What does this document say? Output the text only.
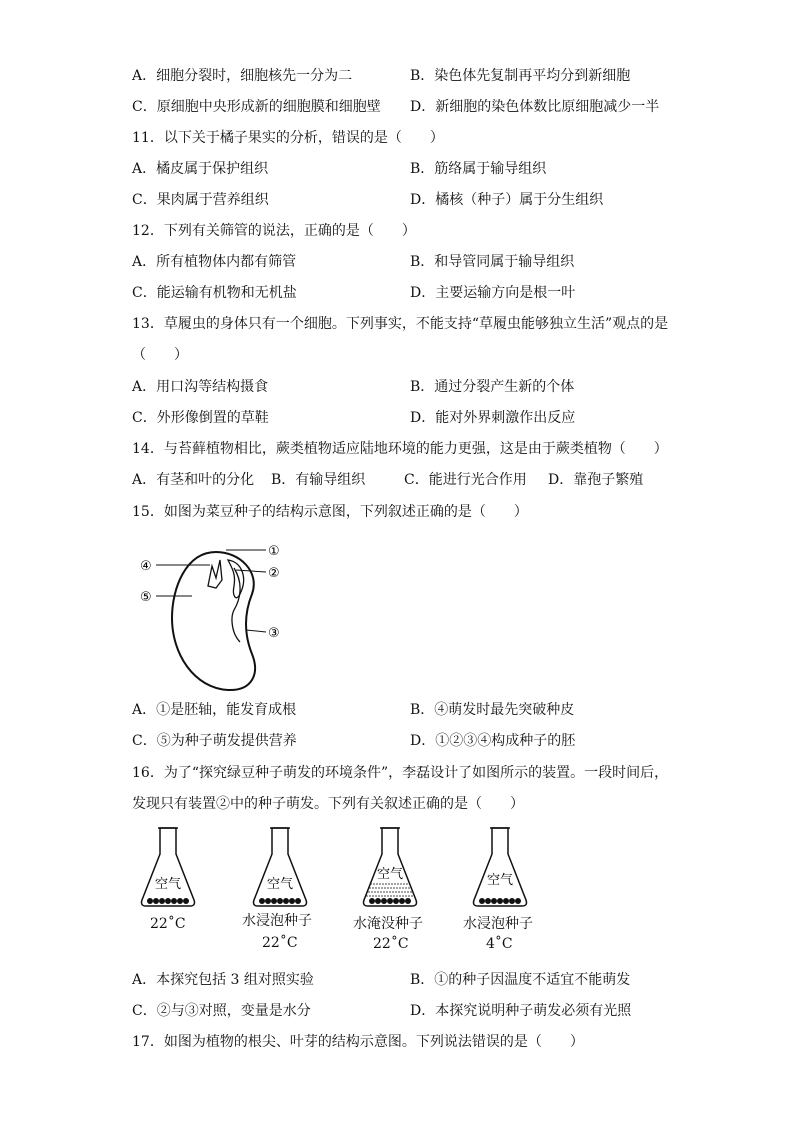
A．细胞分裂时，细胞核先一分为二	B．染色体先复制再平均分到新细胞
C．原细胞中央形成新的细胞膜和细胞壁 D．新细胞的染色体数比原细胞减少一半
11．以下关于橘子果实的分析，错误的是（　　）
A．橘皮属于保护组织	B．筋络属于输导组织
C．果肉属于营养组织	D．橘核（种子）属于分生组织
12．下列有关筛管的说法，正确的是（　　）
A．所有植物体内都有筛管	B．和导管同属于输导组织
C．能运输有机物和无机盐	D．主要运输方向是根一叶
13．草履虫的身体只有一个细胞。下列事实，不能支持“草履虫能够独立生活”观点的是
（　　）
A．用口沟等结构摄食	B．通过分裂产生新的个体
C．外形像倒置的草鞋	D．能对外界刺激作出反应
14．与苔藓植物相比，蕨类植物适应陆地环境的能力更强，这是由于蕨类植物（　　）
A．有茎和叶的分化 B．有输导组织	C．能进行光合作用 D．靠孢子繁殖
15．如图为菜豆种子的结构示意图，下列叙述正确的是（　　）
①
②
③
④
⑤
A．①是胚轴，能发育成根	B．④萌发时最先突破种皮
C．⑤为种子萌发提供营养	D．①②③④构成种子的胚
16．为了“探究绿豆种子萌发的环境条件”，李磊设计了如图所示的装置。一段时间后，
发现只有装置②中的种子萌发。下列有关叙述正确的是（　　）
空气	空气
空气	空气
22˚C	水浸泡种子
22˚C
水淹没种子
22˚C
水浸泡种子
4˚C
A．本探究包括 3 组对照实验	B．①的种子因温度不适宜不能萌发
C．②与③对照，变量是水分	D．本探究说明种子萌发必须有光照
17．如图为植物的根尖、叶芽的结构示意图。下列说法错误的是（　　）
